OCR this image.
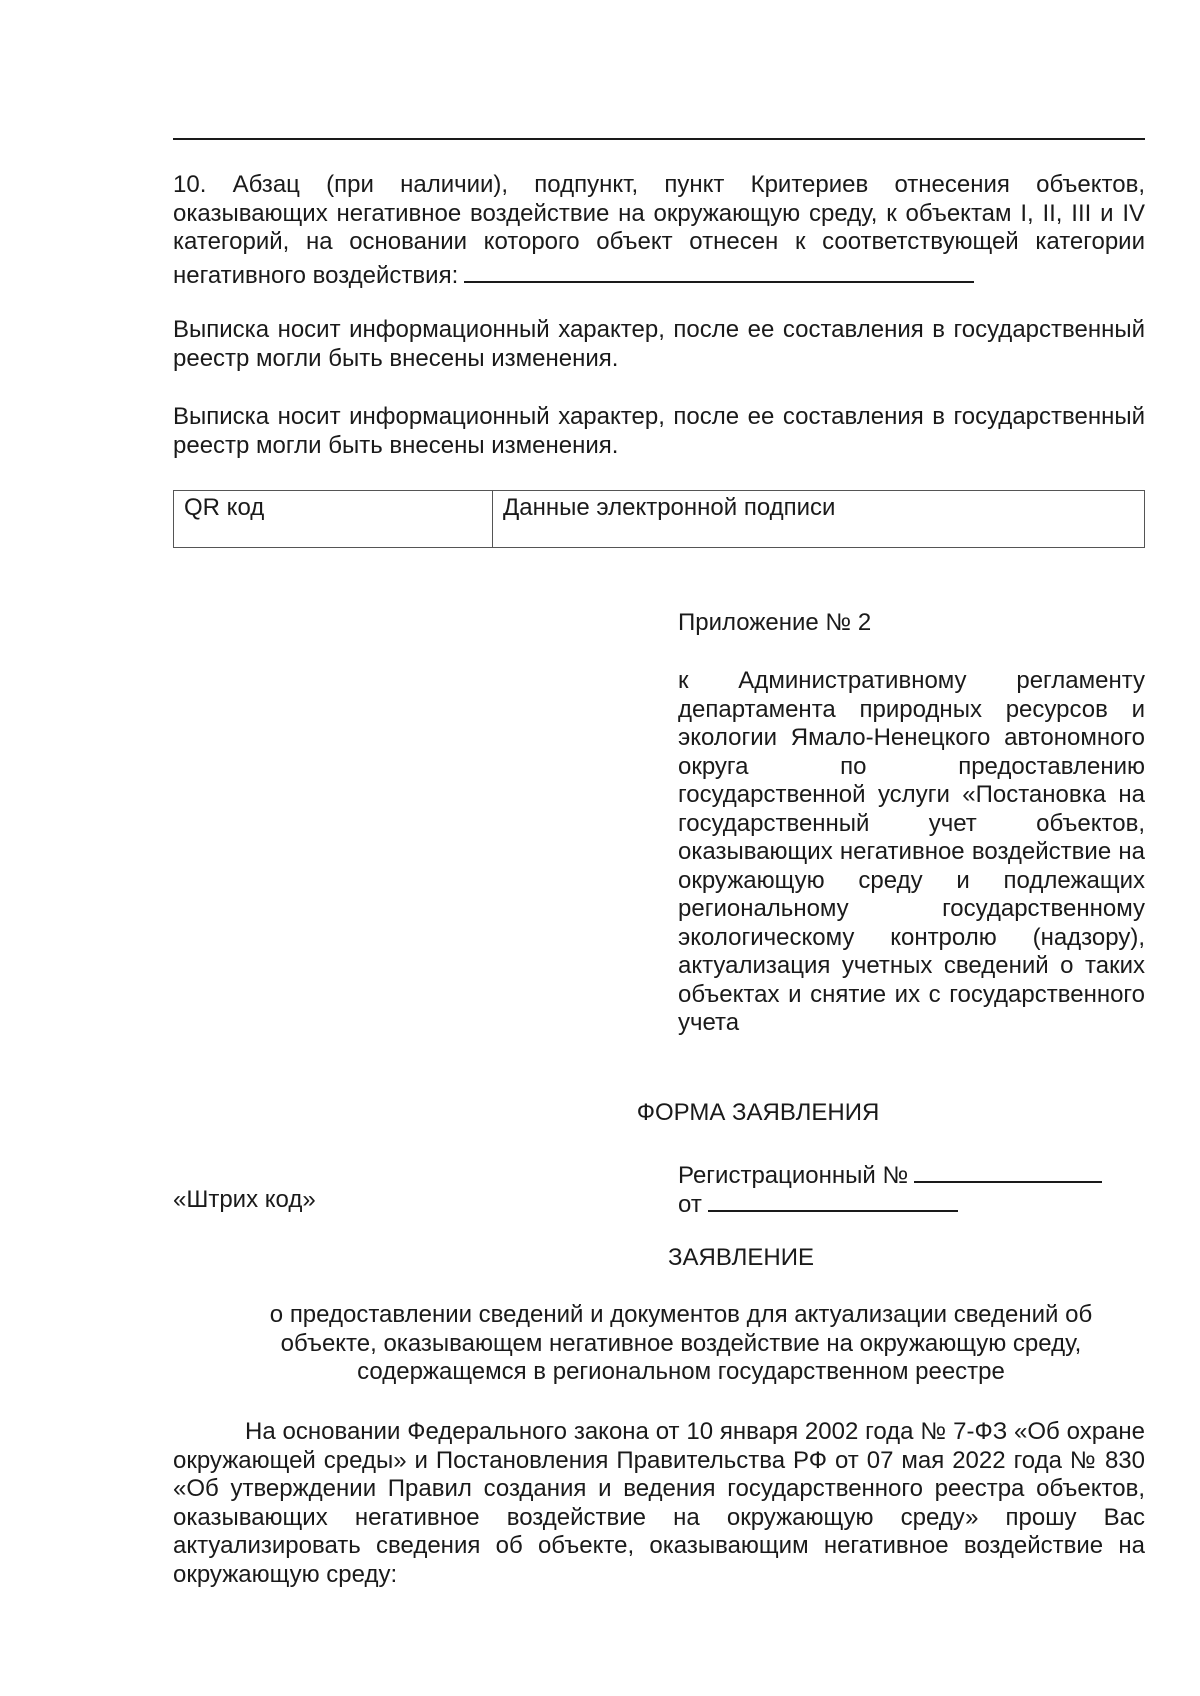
10. Абзац (при наличии), подпункт, пункт Критериев отнесения объектов, оказывающих негативное воздействие на окружающую среду, к объектам I, II, III и IV категорий, на основании которого объект отнесен к соответствующей категории негативного воздействия:
Выписка носит информационный характер, после ее составления в государственный реестр могли быть внесены изменения.
Выписка носит информационный характер, после ее составления в государственный реестр могли быть внесены изменения.
QR код	Данные электронной подписи
Приложение № 2
к Административному регламенту департамента природных ресурсов и экологии Ямало-Ненецкого автономного округа по предоставлению государственной услуги «Постановка на государственный учет объектов, оказывающих негативное воздействие на окружающую среду и подлежащих региональному государственному экологическому контролю (надзору), актуализация учетных сведений о таких объектах и снятие их с государственного учета
ФОРМА ЗАЯВЛЕНИЯ
Регистрационный №
«Штрих код»	от
ЗАЯВЛЕНИЕ
о предоставлении сведений и документов для актуализации сведений об
объекте, оказывающем негативное воздействие на окружающую среду,
содержащемся в региональном государственном реестре
На основании Федерального закона от 10 января 2002 года № 7-ФЗ «Об охране окружающей среды» и Постановления Правительства РФ от 07 мая 2022 года № 830 «Об утверждении Правил создания и ведения государственного реестра объектов, оказывающих негативное воздействие на окружающую среду» прошу Вас актуализировать сведения об объекте, оказывающим негативное воздействие на окружающую среду:
